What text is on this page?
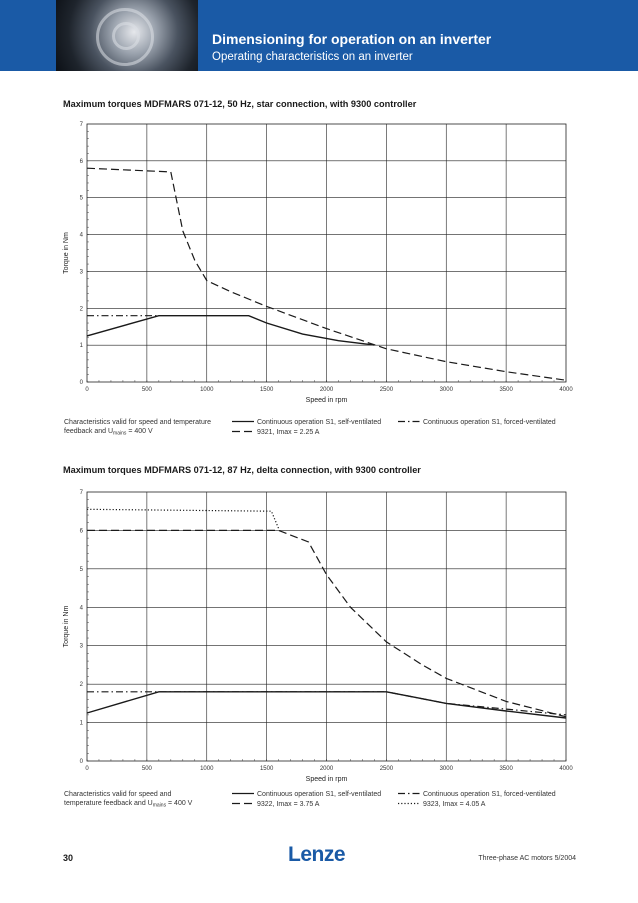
Dimensioning for operation on an inverter
Operating characteristics on an inverter
Maximum torques MDFMARS 071-12, 50 Hz, star connection, with 9300 controller
0	500	1000	1500	2000	2500	3000	3500	4000
0
1
2
3
4
5
6
7
Speed in rpm
Torque in Nm
Characteristics valid for speed and temperature feedback and $U_{mains} = 400$ V
Continuous operation S1, self-ventilated	Continuous operation S1, forced-ventilated
9321, Imax = 2.25 A
Maximum torques MDFMARS 071-12, 87 Hz, delta connection, with 9300 controller
0	500	1000	1500	2000	2500	3000	3500	4000
0
1
2
3
4
5
6
7
Speed in rpm
Torque in Nm
Characteristics valid for speed and temperature feedback and $U_{mains} = 400$ V
Continuous operation S1, self-ventilated	Continuous operation S1, forced-ventilated
9322, Imax = 3.75 A	9323, Imax = 4.05 A
30	Lenze	Three-phase AC motors 5/2004
